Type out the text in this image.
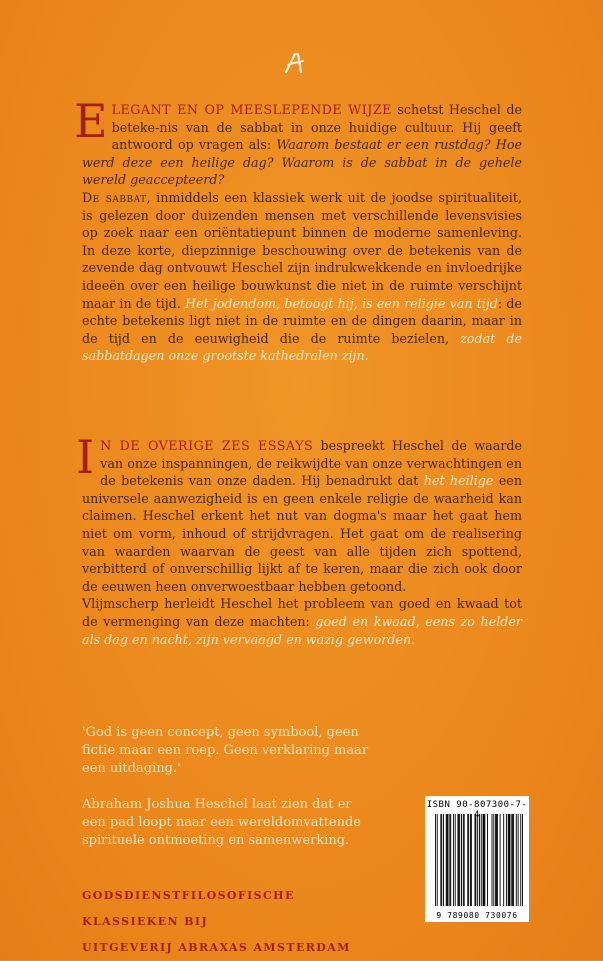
ELEGANT EN OP MEESLEPENDE WIJZE schetst Heschel de beteke-nis van de sabbat in onze huidige cultuur. Hij geeft antwoord op vragen als: Waarom bestaat er een rustdag? Hoe werd deze een heilige dag? Waarom is de sabbat in de gehele wereld geaccepteerd?
De sabbat, inmiddels een klassiek werk uit de joodse spiritualiteit, is gelezen door duizenden mensen met verschillende levensvisies op zoek naar een oriëntatiepunt binnen de moderne samenleving. In deze korte, diepzinnige beschouwing over de betekenis van de zevende dag ontvouwt Heschel zijn indrukwekkende en invloedrijke ideeën over een heilige bouwkunst die niet in de ruimte verschijnt maar in de tijd. Het jodendom, betoogt hij, is een religie van tijd: de echte betekenis ligt niet in de ruimte en de dingen daarin, maar in de tijd en de eeuwigheid die de ruimte bezielen, zodat de sabbatdagen onze grootste kathedralen zijn.
I N DE OVERIGE ZES ESSAYS bespreekt Heschel de waarde van onze inspanningen, de reikwijdte van onze verwachtingen en de betekenis van onze daden. Hij benadrukt dat het heilige een universele aanwezigheid is en geen enkele religie de waarheid kan claimen. Heschel erkent het nut van dogma's maar het gaat hem niet om vorm, inhoud of strijdvragen. Het gaat om de realisering van waarden waarvan de geest van alle tijden zich spottend, verbitterd of onverschillig lijkt af te keren, maar die zich ook door de eeuwen heen onverwoestbaar hebben getoond.
Vlijmscherp herleidt Heschel het probleem van goed en kwaad tot de vermenging van deze machten: goed en kwaad, eens zo helder als dag en nacht, zijn vervaagd en wazig geworden.
'God is geen concept, geen symbool, geen fictie maar een roep. Geen verklaring maar een uitdaging.'
Abraham Joshua Heschel laat zien dat er een pad loopt naar een wereldomvattende spirituele ontmoeting en samenwerking.
GODSDIENSTFILOSOFISCHE KLASSIEKEN BIJ
UITGEVERIJ ABRAXAS AMSTERDAM
ISBN 90-807300-7-4
9 789080 730076
